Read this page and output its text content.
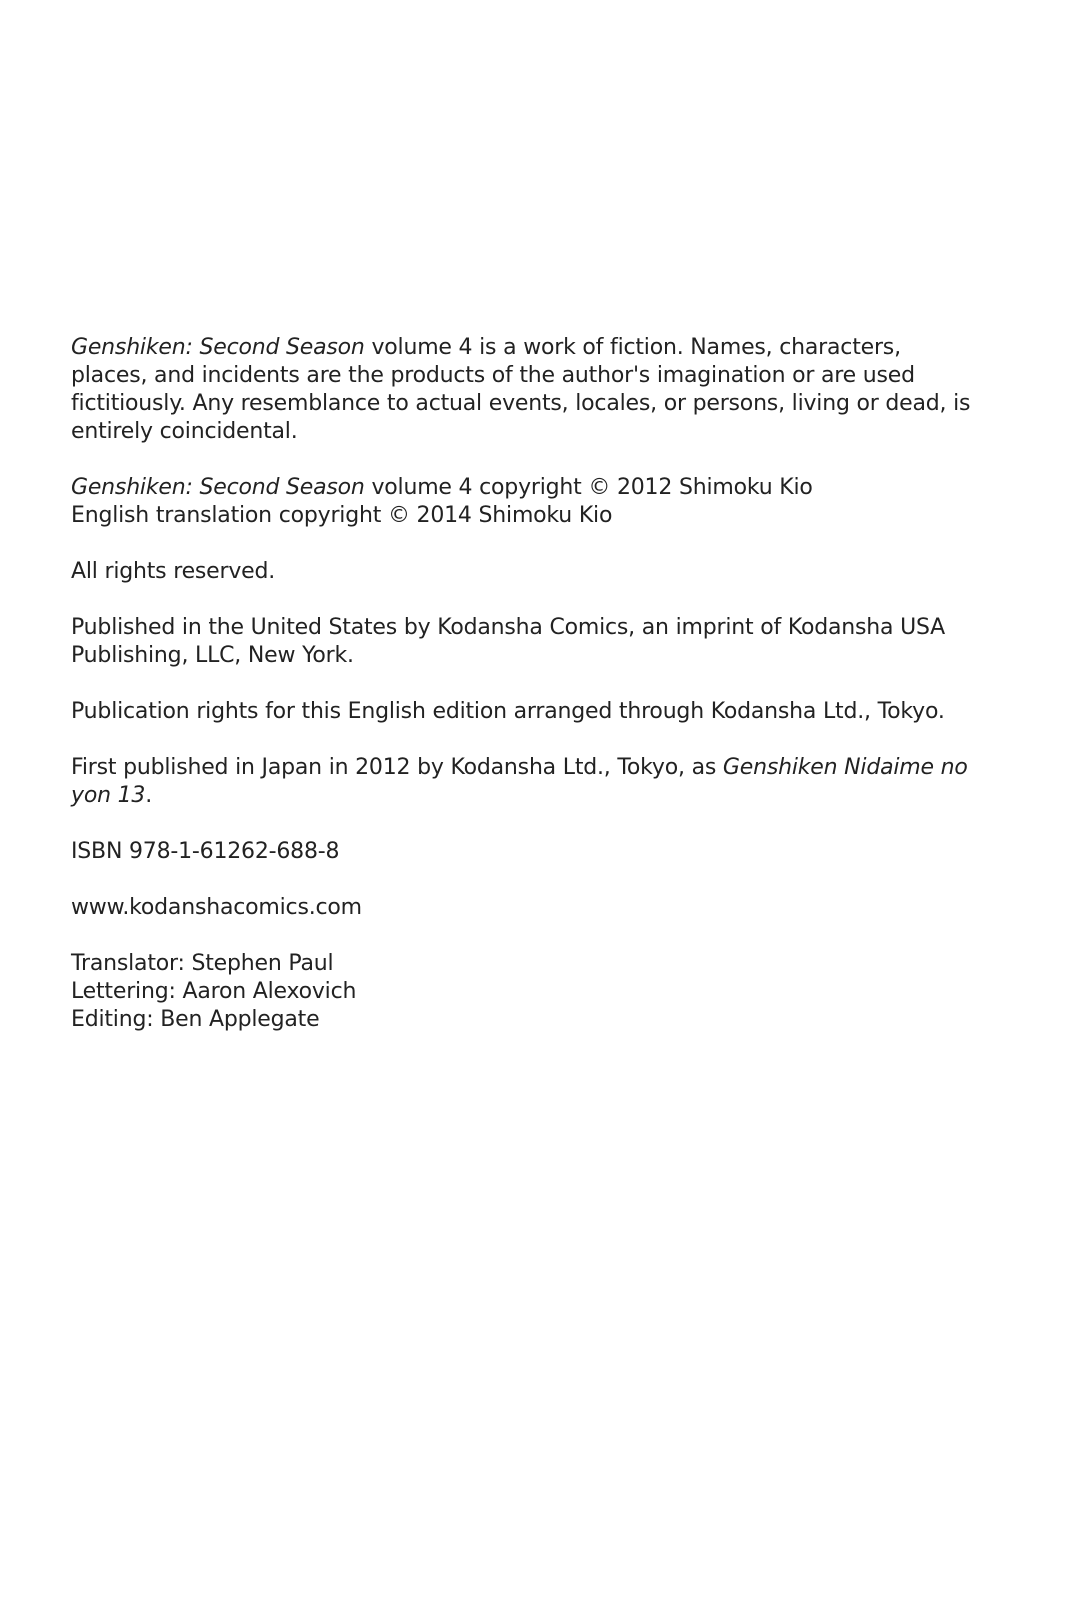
Genshiken: Second Season volume 4 is a work of fiction. Names, characters, places, and incidents are the products of the author's imagination or are used fictitiously. Any resemblance to actual events, locales, or persons, living or dead, is entirely coincidental.

Genshiken: Second Season volume 4 copyright © 2012 Shimoku Kio
English translation copyright © 2014 Shimoku Kio

All rights reserved.

Published in the United States by Kodansha Comics, an imprint of Kodansha USA Publishing, LLC, New York.

Publication rights for this English edition arranged through Kodansha Ltd., Tokyo.

First published in Japan in 2012 by Kodansha Ltd., Tokyo, as Genshiken Nidaime no yon 13.

ISBN 978-1-61262-688-8

www.kodanshacomics.com

Translator: Stephen Paul
Lettering: Aaron Alexovich
Editing: Ben Applegate
